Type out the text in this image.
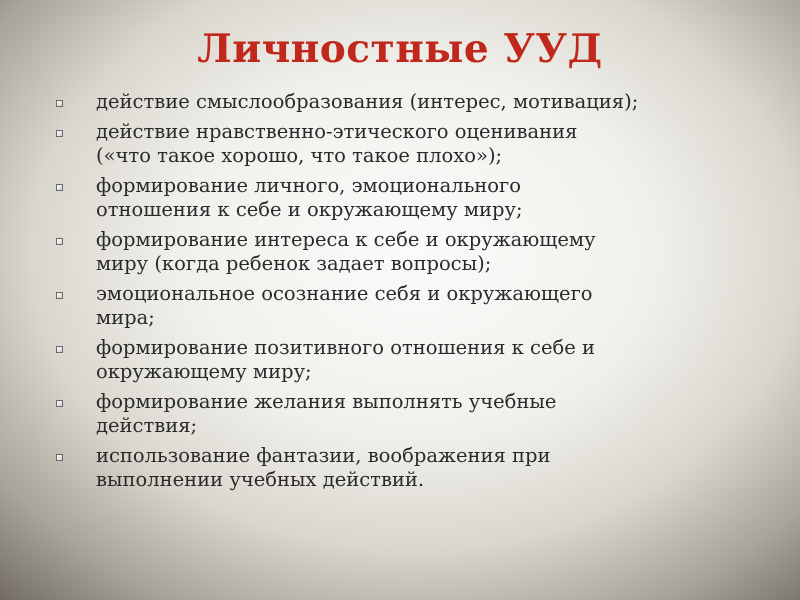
Личностные УУД
действие смыслообразования (интерес, мотивация);
действие нравственно-этического оценивания
(«что такое хорошо, что такое плохо»);
формирование личного, эмоционального
отношения к себе и окружающему миру;
формирование интереса к себе и окружающему
миру (когда ребенок задает вопросы);
эмоциональное осознание себя и окружающего
мира;
формирование позитивного отношения к себе и
окружающему миру;
формирование желания выполнять учебные
действия;
использование фантазии, воображения при
выполнении учебных действий.
